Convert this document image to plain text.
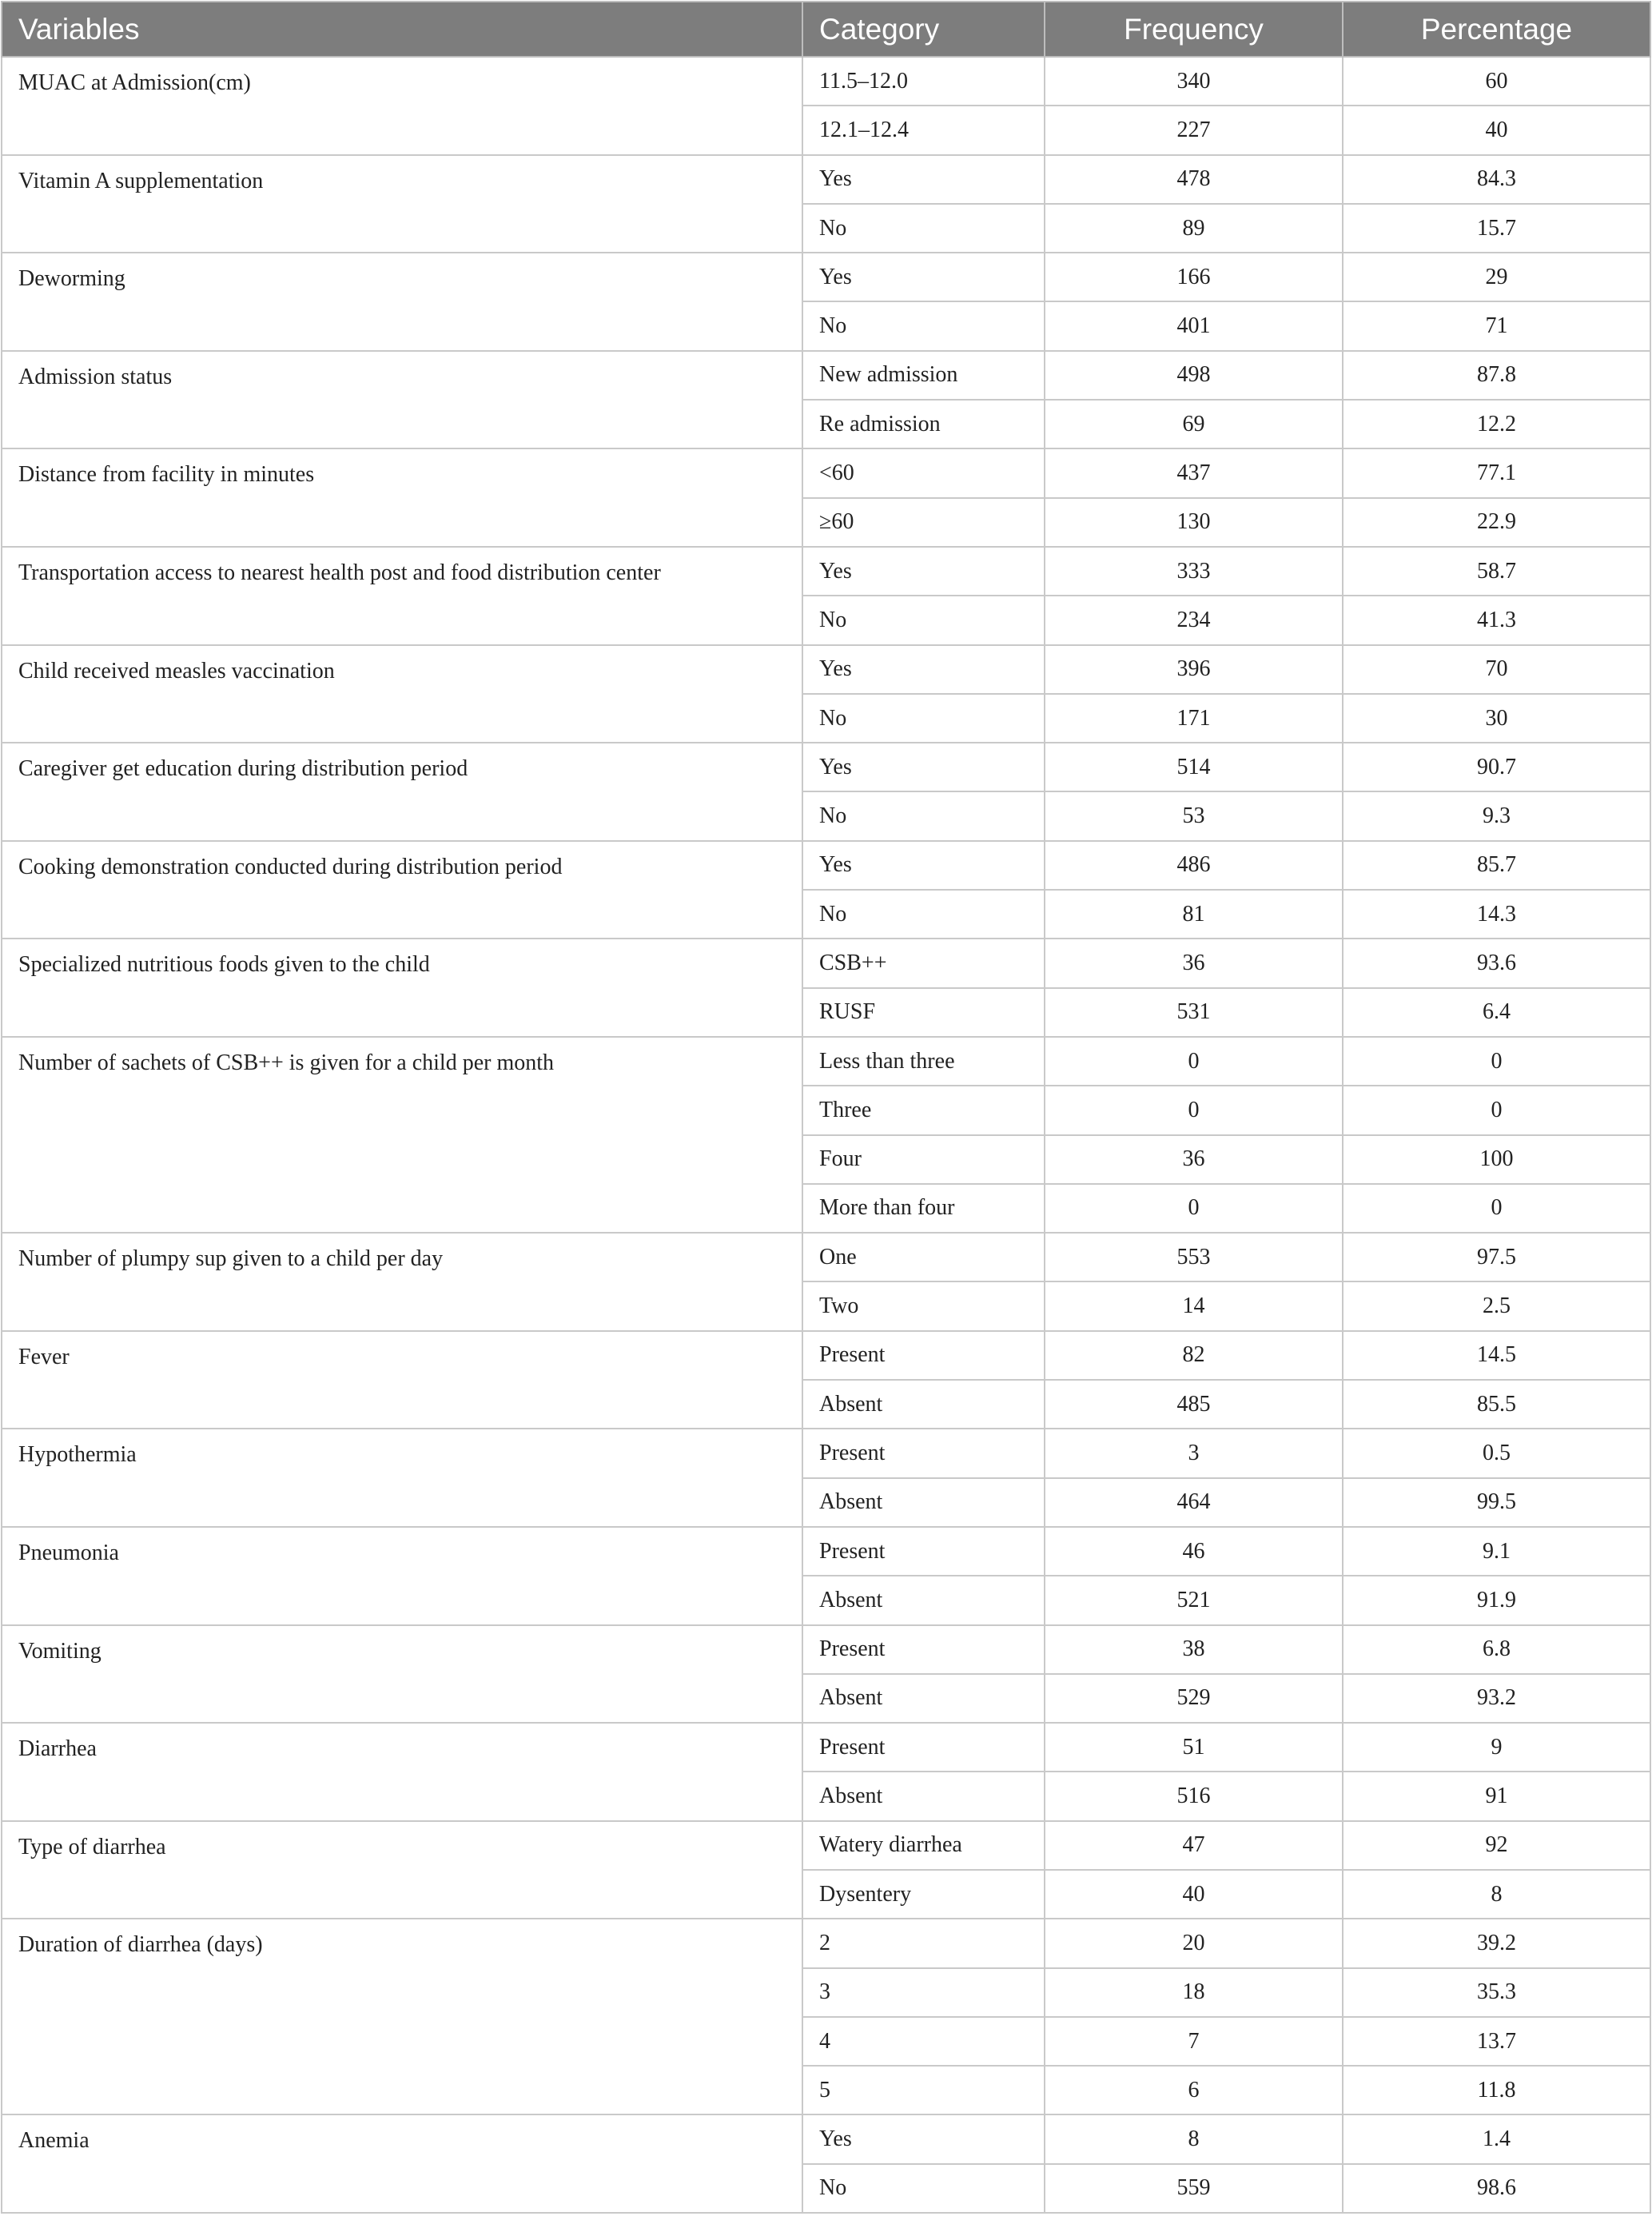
Variables	Category	Frequency	Percentage
MUAC at Admission(cm)	11.5–12.0	340	60
	12.1–12.4	227	40
Vitamin A supplementation	Yes	478	84.3
	No	89	15.7
Deworming	Yes	166	29
	No	401	71
Admission status	New admission	498	87.8
	Re admission	69	12.2
Distance from facility in minutes	<60	437	77.1
	≥60	130	22.9
Transportation access to nearest health post and food distribution center	Yes	333	58.7
	No	234	41.3
Child received measles vaccination	Yes	396	70
	No	171	30
Caregiver get education during distribution period	Yes	514	90.7
	No	53	9.3
Cooking demonstration conducted during distribution period	Yes	486	85.7
	No	81	14.3
Specialized nutritious foods given to the child	CSB++	36	93.6
	RUSF	531	6.4
Number of sachets of CSB++ is given for a child per month	Less than three	0	0
	Three	0	0
	Four	36	100
	More than four	0	0
Number of plumpy sup given to a child per day	One	553	97.5
	Two	14	2.5
Fever	Present	82	14.5
	Absent	485	85.5
Hypothermia	Present	3	0.5
	Absent	464	99.5
Pneumonia	Present	46	9.1
	Absent	521	91.9
Vomiting	Present	38	6.8
	Absent	529	93.2
Diarrhea	Present	51	9
	Absent	516	91
Type of diarrhea	Watery diarrhea	47	92
	Dysentery	40	8
Duration of diarrhea (days)	2	20	39.2
	3	18	35.3
	4	7	13.7
	5	6	11.8
Anemia	Yes	8	1.4
	No	559	98.6
